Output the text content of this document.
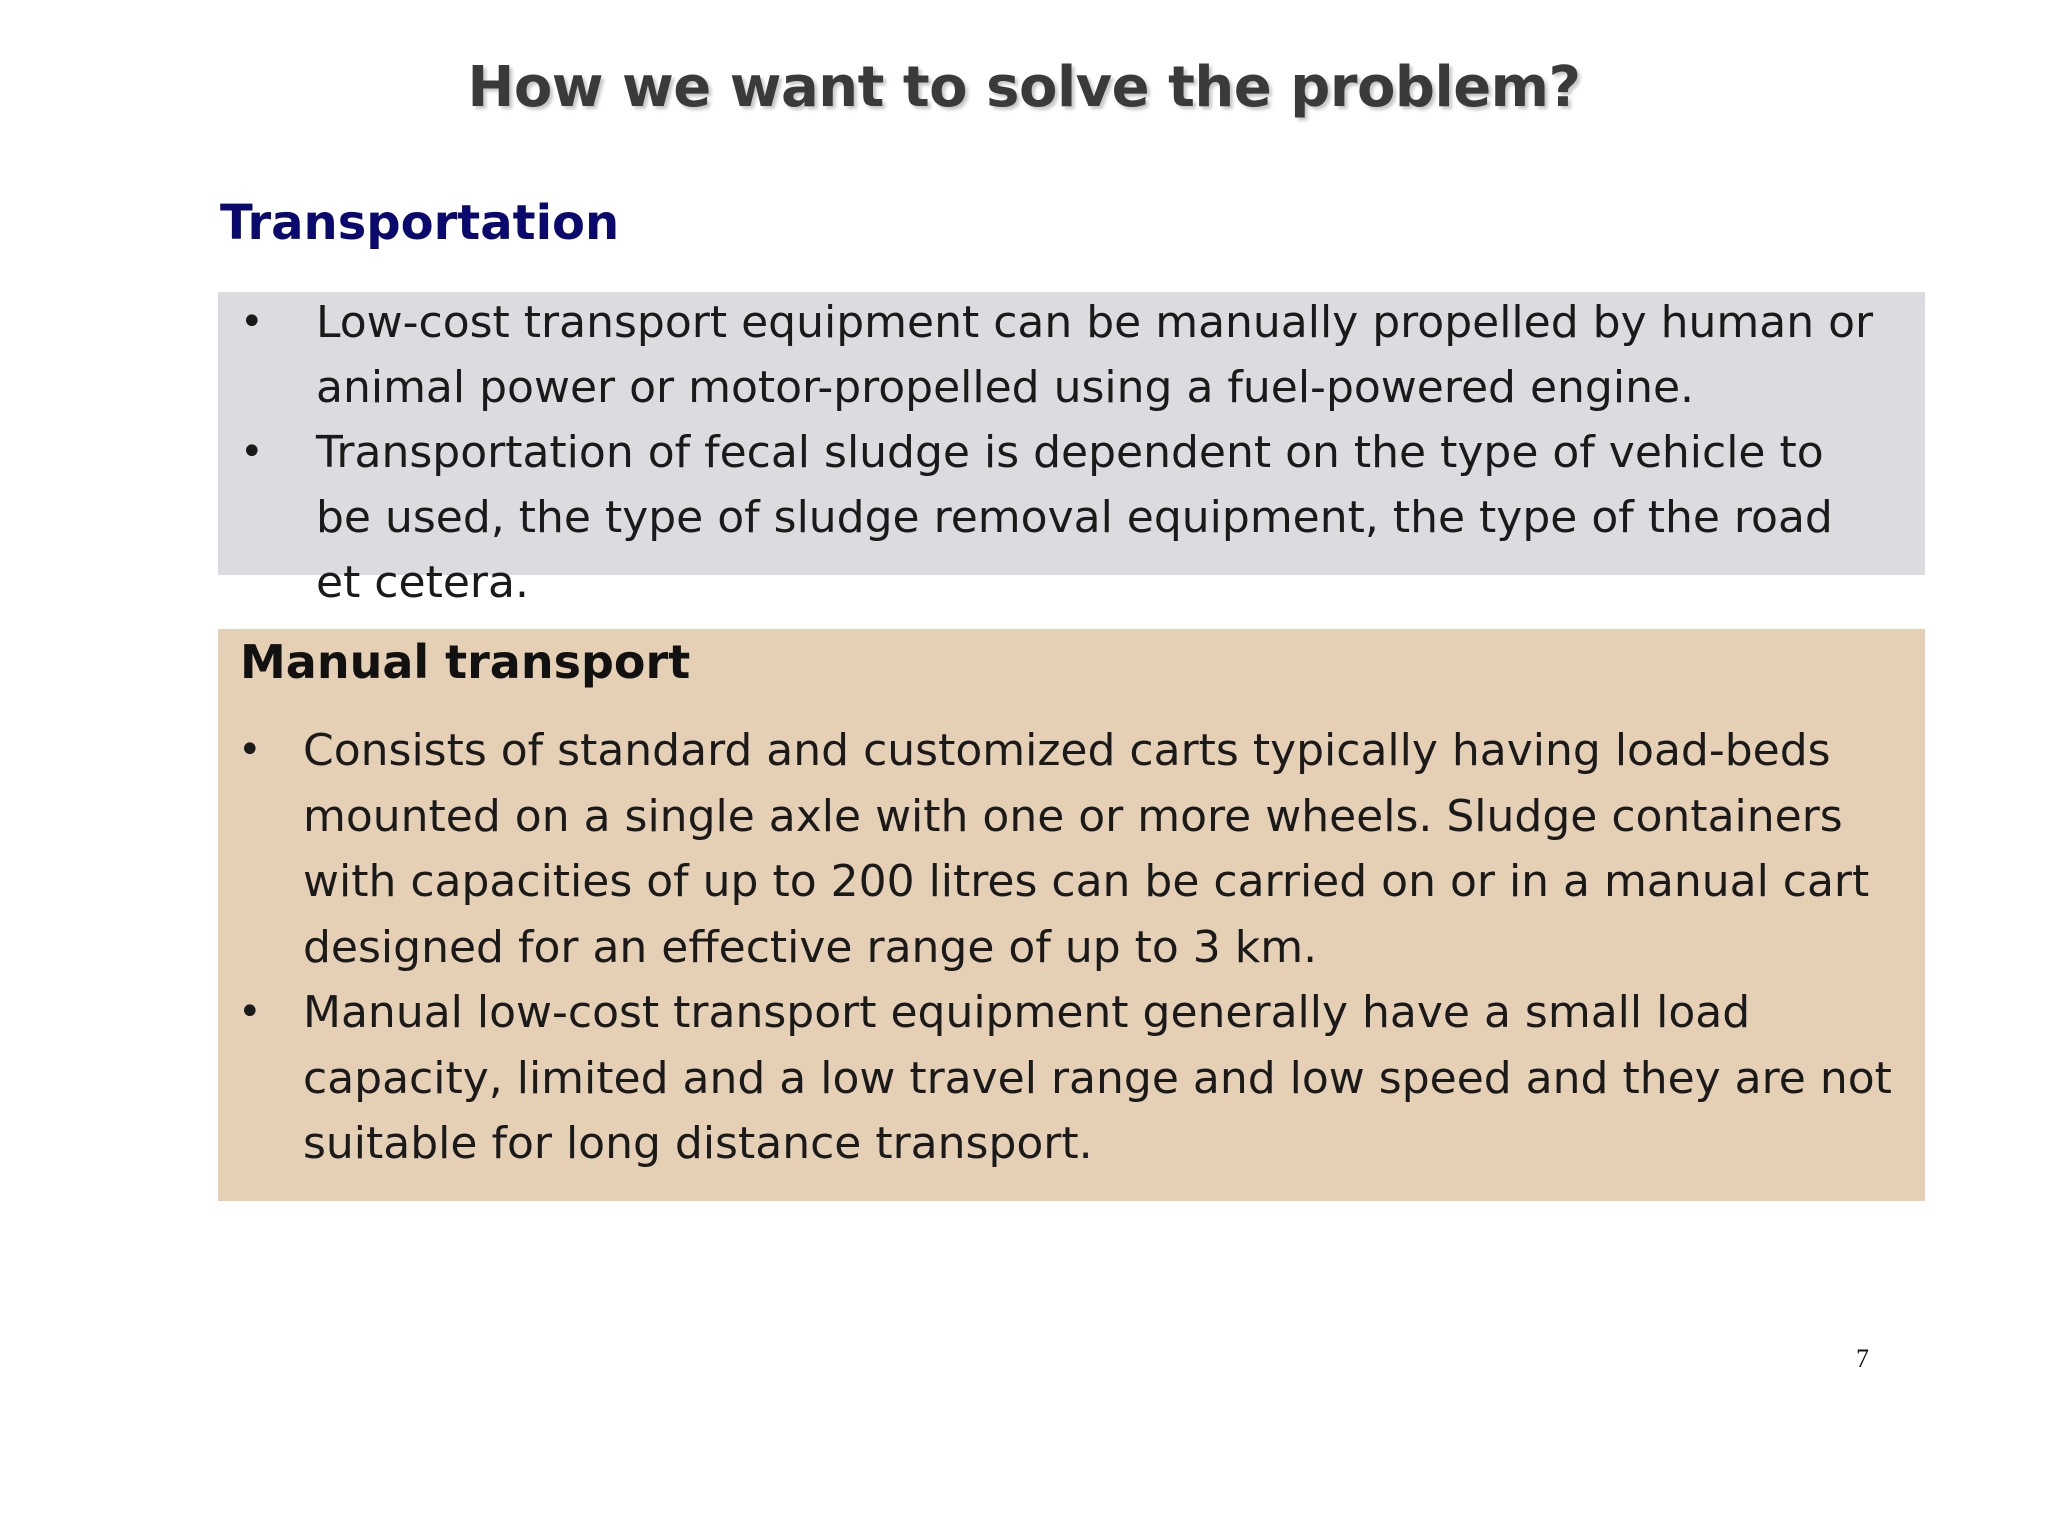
How we want to solve the problem?
Transportation
• Low-cost transport equipment can be manually propelled by human or animal power or motor-propelled using a fuel-powered engine.
• Transportation of fecal sludge is dependent on the type of vehicle to be used, the type of sludge removal equipment, the type of the road et cetera.
Manual transport
• Consists of standard and customized carts typically having load-beds mounted on a single axle with one or more wheels. Sludge containers with capacities of up to 200 litres can be carried on or in a manual cart designed for an effective range of up to 3 km.
• Manual low-cost transport equipment generally have a small load capacity, limited and a low travel range and low speed and they are not suitable for long distance transport.
7
